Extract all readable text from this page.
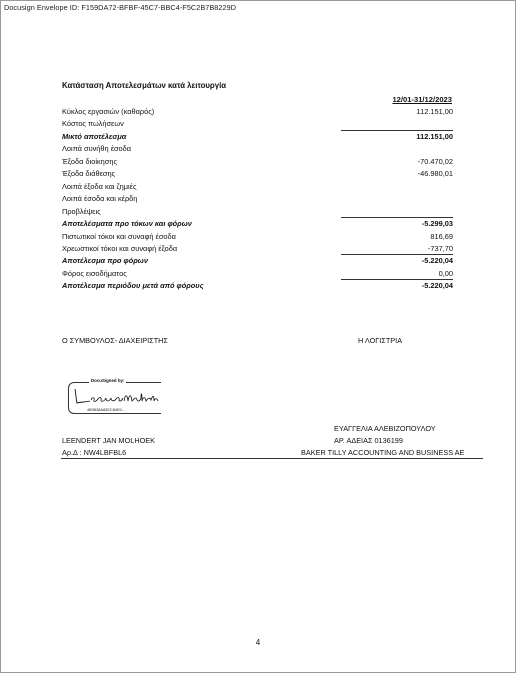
Docusign Envelope ID: F159DA72-BFBF-45C7-BBC4-F5C2B7B8229D
Κατάσταση Αποτελεσμάτων κατά λειτουργία
12/01-31/12/2023
Κύκλος εργασιών (καθαρός)	112.151,00
Κόστος πωλήσεων
Μικτό αποτέλεσμα	112.151,00
Λοιπά συνήθη έσοδα
Έξοδα διοίκησης	-70.470,02
Έξοδα διάθεσης	-46.980,01
Λοιπά έξοδα και ζημιές
Λοιπά έσοδα και κέρδη
Προβλέψεις
Αποτελέσματα προ τόκων και φόρων	-5.299,03
Πιστωτικοί τόκοι και συναφή έσοδα	816,69
Χρεωστικοί τόκοι και συναφή έξοδα	-737,70
Αποτέλεσμα προ φόρων	-5.220,04
Φόρος εισοδήματος	0,00
Αποτέλεσμα περιόδου μετά από φόρους	-5.220,04
Ο ΣΥΜΒΟΥΛΟΣ- ΔΙΑΧΕΙΡΙΣΤΗΣ	Η ΛΟΓΙΣΤΡΙΑ
DocuSigned by:
480B38A83EC84E0...
ΕΥΑΓΓΕΛΙΑ ΑΛΕΒΙΖΟΠΟΥΛΟΥ
LEENDERT JAN MOLHOEK	ΑΡ. ΑΔΕΙΑΣ 0136199
Αρ.Δ : NW4LBFBL6	BAKER TILLY ACCOUNTING AND BUSINESS AE
4
